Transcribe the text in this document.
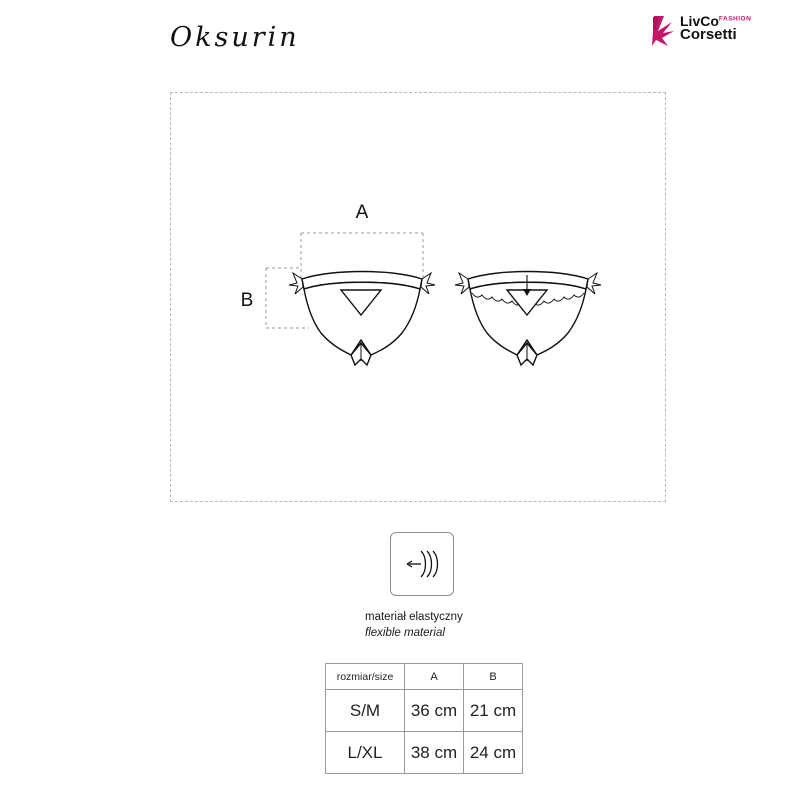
Oksurin
LivCo$^{FASHION}$
Corsetti
A
B
materiał elastyczny
flexible material
rozmiar/size	A	B
S/M	36 cm	21 cm
L/XL	38 cm	24 cm
